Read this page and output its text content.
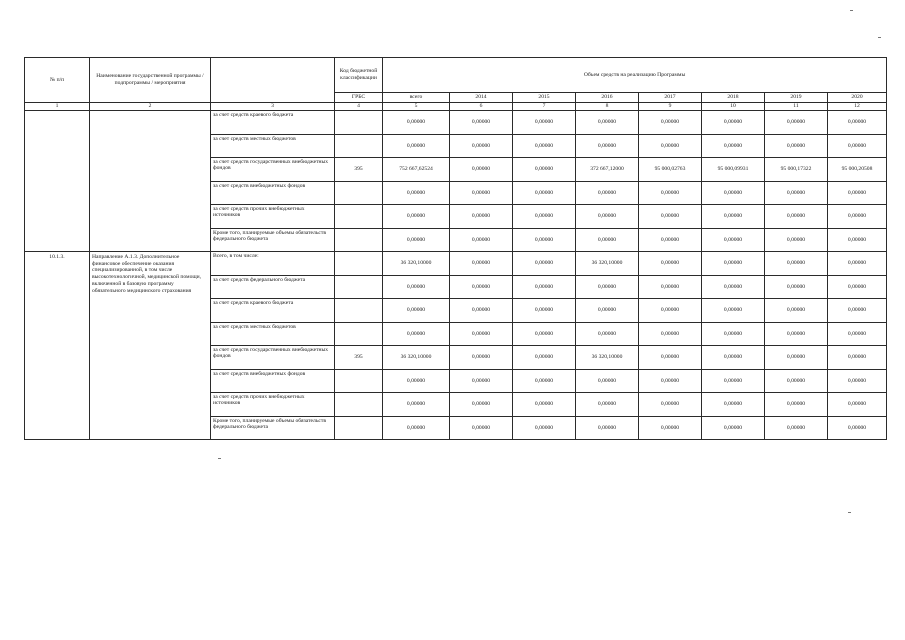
№ п/п	Наименование государственной программы / подпрограммы / мероприятия		Код бюджетной классификации	Объем средств на реализацию Программы							
			ГРБС	всего	2014	2015	2016	2017	2018	2019	2020
1	2	3	4	5	6	7	8	9	10	11	12
		за счет средств краевого бюджета		0,00000	0,00000	0,00000	0,00000	0,00000	0,00000	0,00000	0,00000
		за счет средств местных бюджетов		0,00000	0,00000	0,00000	0,00000	0,00000	0,00000	0,00000	0,00000
		за счет средств государственных внебюджетных фондов	395	752 667,62524	0,00000	0,00000	372 667,12000	95 000,02763	95 000,09931	95 000,17322	95 000,20508
		за счет средств внебюджетных фондов		0,00000	0,00000	0,00000	0,00000	0,00000	0,00000	0,00000	0,00000
		за счет средств прочих внебюджетных источников		0,00000	0,00000	0,00000	0,00000	0,00000	0,00000	0,00000	0,00000
		Кроме того, планируемые объемы обязательств федерального бюджета		0,00000	0,00000	0,00000	0,00000	0,00000	0,00000	0,00000	0,00000
10.1.3.	Направление А.1.3. Дополнительное финансовое обеспечение оказания специализированной, в том числе высокотехнологичной, медицинской помощи, включенной в базовую программу обязательного медицинского страхования	Всего, в том числе:		36 320,10000	0,00000	0,00000	36 320,10000	0,00000	0,00000	0,00000	0,00000
		за счет средств федерального бюджета		0,00000	0,00000	0,00000	0,00000	0,00000	0,00000	0,00000	0,00000
		за счет средств краевого бюджета		0,00000	0,00000	0,00000	0,00000	0,00000	0,00000	0,00000	0,00000
		за счет средств местных бюджетов		0,00000	0,00000	0,00000	0,00000	0,00000	0,00000	0,00000	0,00000
		за счет средств государственных внебюджетных фондов	395	36 320,10000	0,00000	0,00000	36 320,10000	0,00000	0,00000	0,00000	0,00000
		за счет средств внебюджетных фондов		0,00000	0,00000	0,00000	0,00000	0,00000	0,00000	0,00000	0,00000
		за счет средств прочих внебюджетных источников		0,00000	0,00000	0,00000	0,00000	0,00000	0,00000	0,00000	0,00000
		Кроме того, планируемые объемы обязательств федерального бюджета		0,00000	0,00000	0,00000	0,00000	0,00000	0,00000	0,00000	0,00000
